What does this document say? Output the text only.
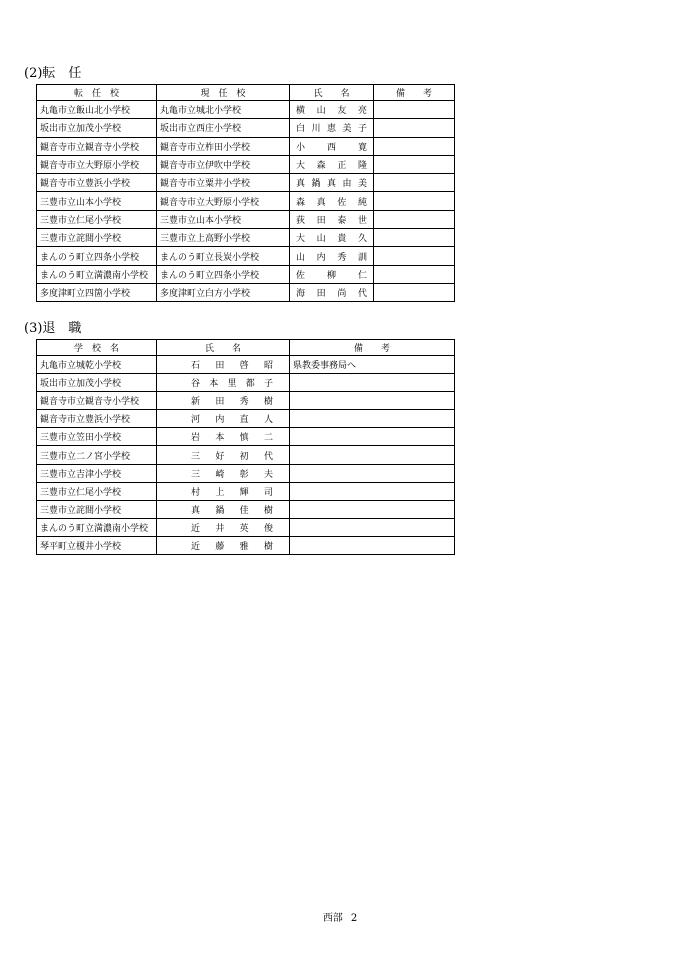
(2)転　任
転　任　校	現　任　校	氏　　名	備　　考
丸亀市立飯山北小学校	丸亀市立城北小学校	横山友亮	
坂出市立加茂小学校	坂出市立西庄小学校	白川恵美子	
観音寺市立観音寺小学校	観音寺市立柞田小学校	小西寛	
観音寺市立大野原小学校	観音寺市立伊吹中学校	大森正隆	
観音寺市立豊浜小学校	観音寺市立粟井小学校	真鍋真由美	
三豊市立山本小学校	観音寺市立大野原小学校	森真佐純	
三豊市立仁尾小学校	三豊市立山本小学校	荻田泰世	
三豊市立詫間小学校	三豊市立上高野小学校	大山貴久	
まんのう町立四条小学校	まんのう町立長炭小学校	山内秀訓	
まんのう町立満濃南小学校	まんのう町立四条小学校	佐柳仁	
多度津町立四箇小学校	多度津町立白方小学校	海田尚代	
(3)退　職
学　校　名	氏　　名	備　　考
丸亀市立城乾小学校	石田啓昭	県教委事務局へ
坂出市立加茂小学校	谷本里都子	
観音寺市立観音寺小学校	新田秀樹	
観音寺市立豊浜小学校	河内直人	
三豊市立笠田小学校	岩本慎二	
三豊市立二ノ宮小学校	三好初代	
三豊市立吉津小学校	三崎彰夫	
三豊市立仁尾小学校	村上輝司	
三豊市立詫間小学校	真鍋佳樹	
まんのう町立満濃南小学校	近井英俊	
琴平町立榎井小学校	近藤雅樹	
西部 2
